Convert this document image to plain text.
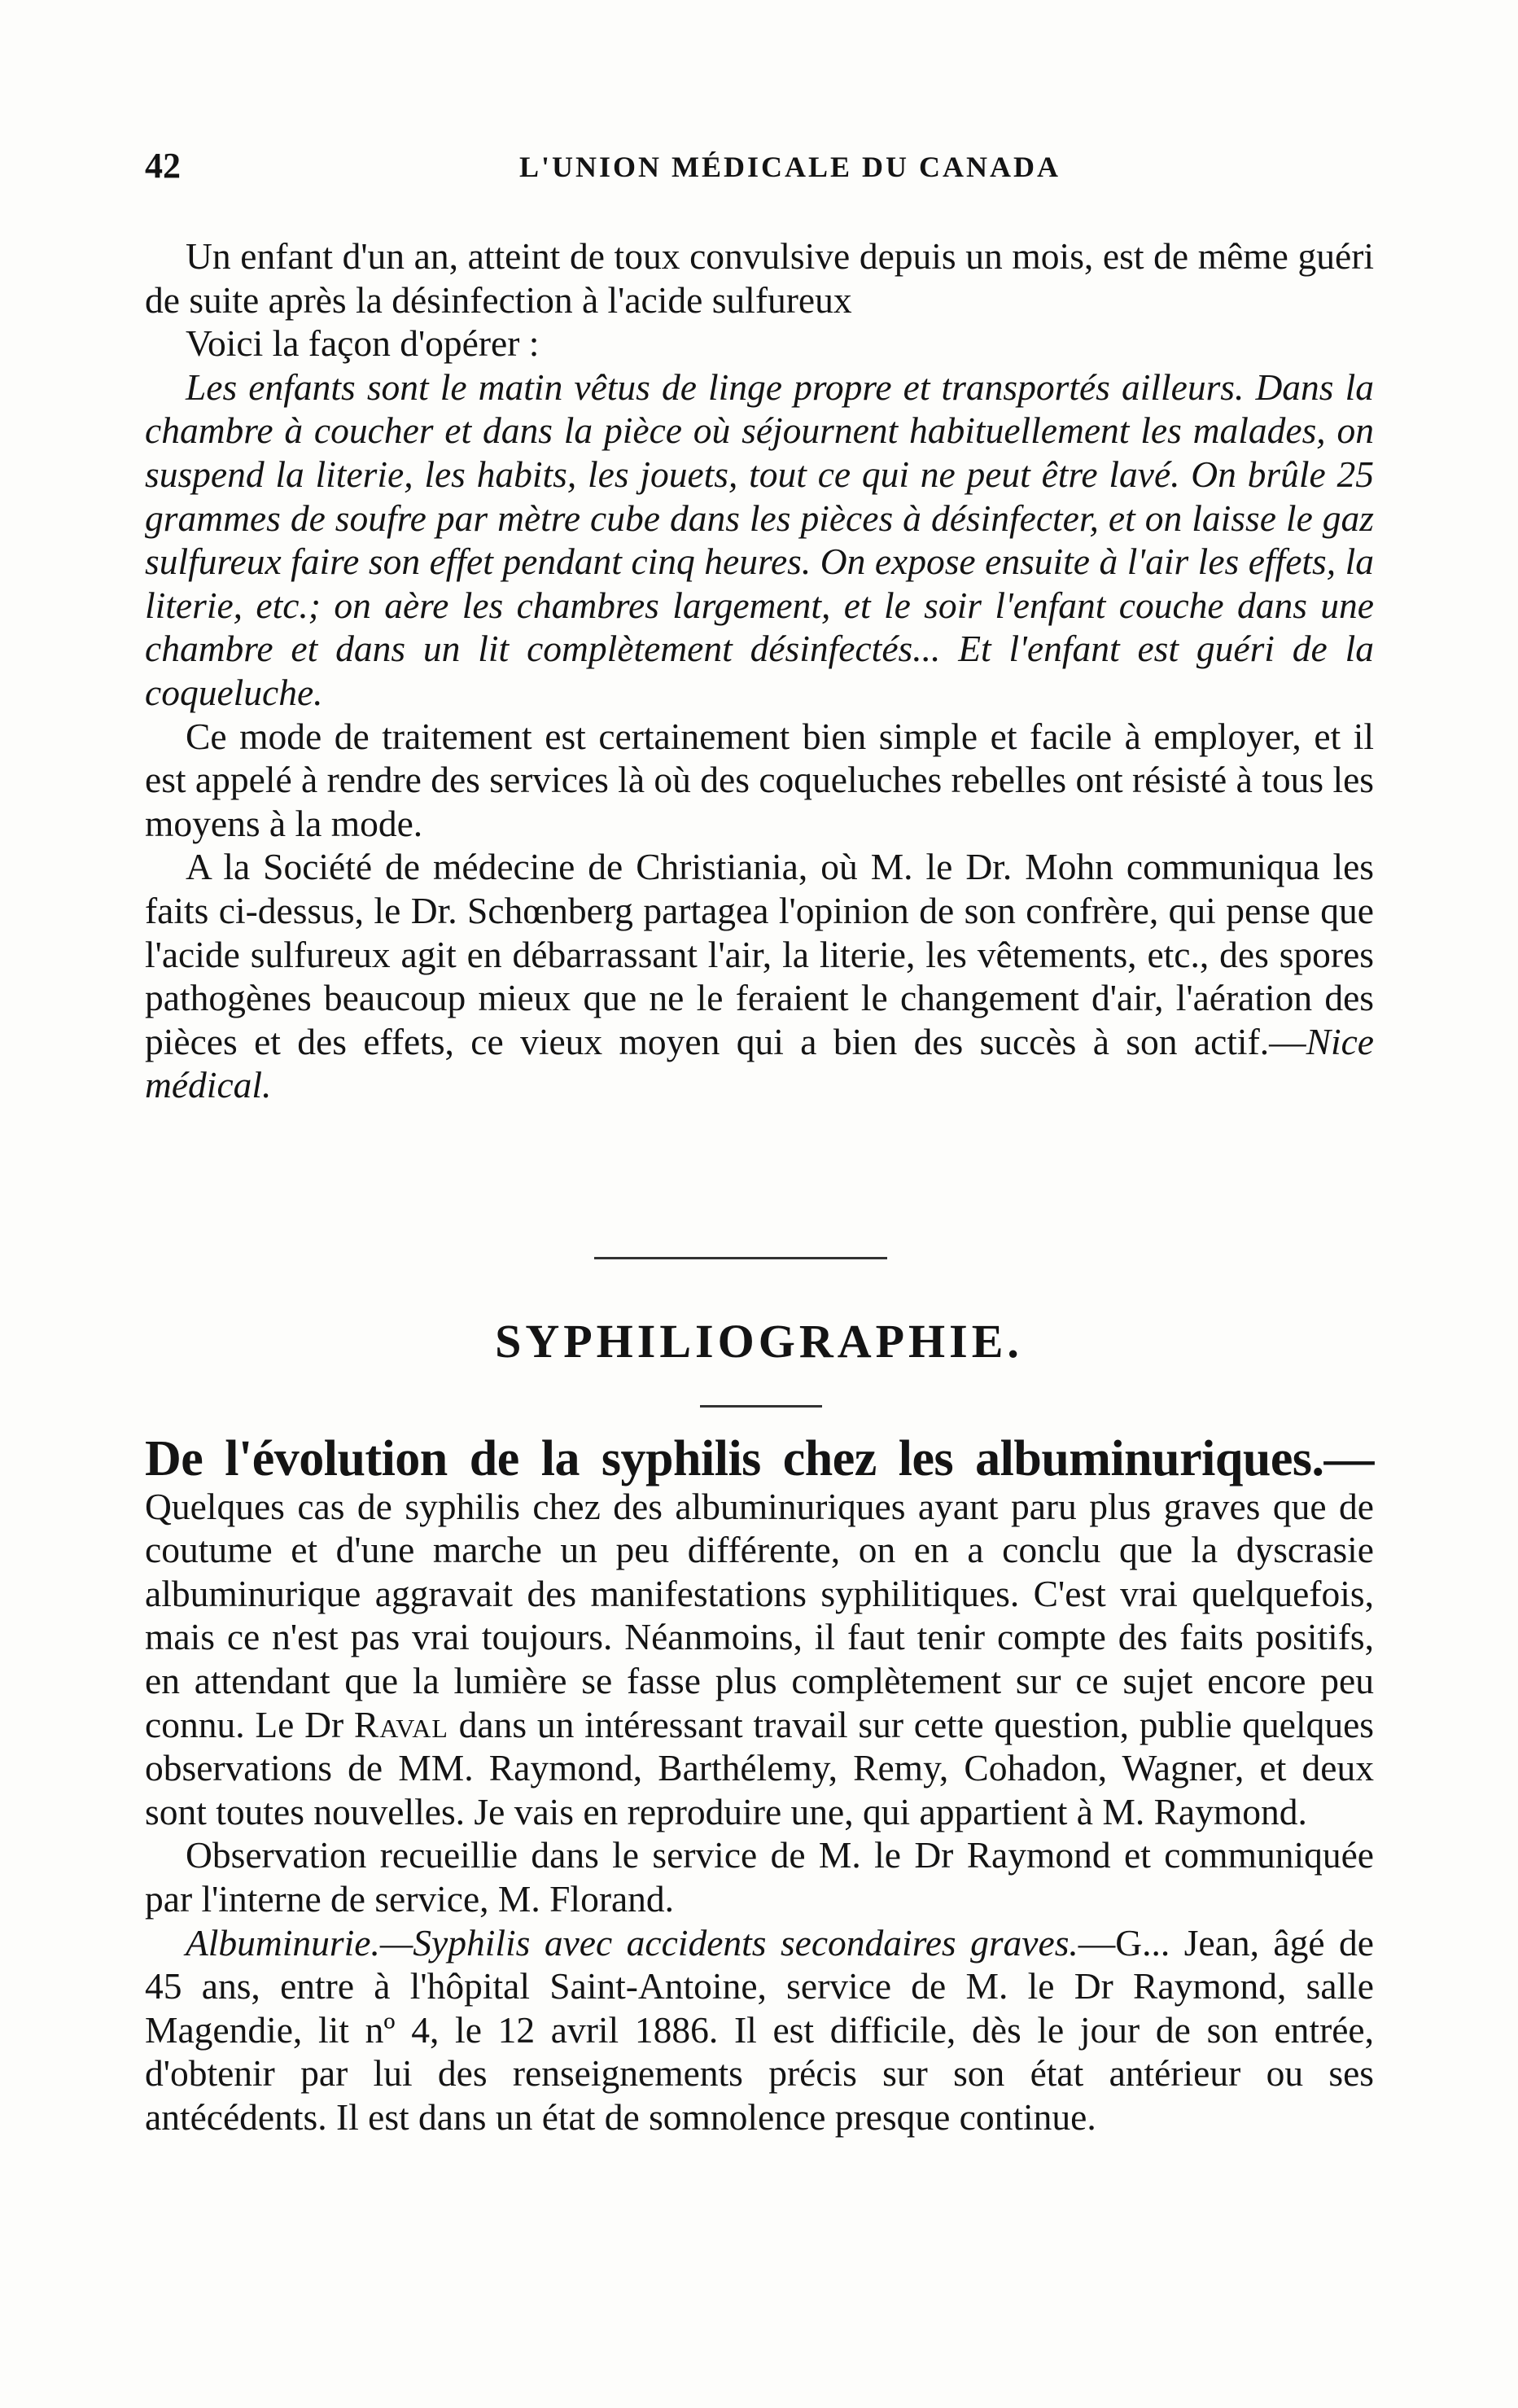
42	L'UNION MÉDICALE DU CANADA

Un enfant d'un an, atteint de toux convulsive depuis un mois, est de même guéri de suite après la désinfection à l'acide sulfureux

Voici la façon d'opérer :

Les enfants sont le matin vêtus de linge propre et transportés ailleurs. Dans la chambre à coucher et dans la pièce où séjournent habituellement les malades, on suspend la literie, les habits, les jouets, tout ce qui ne peut être lavé. On brûle 25 grammes de soufre par mètre cube dans les pièces à désinfecter, et on laisse le gaz sulfureux faire son effet pendant cinq heures. On expose ensuite à l'air les effets, la literie, etc.; on aère les chambres largement, et le soir l'enfant couche dans une chambre et dans un lit complètement désinfectés... Et l'enfant est guéri de la coqueluche.

Ce mode de traitement est certainement bien simple et facile à employer, et il est appelé à rendre des services là où des coqueluches rebelles ont résisté à tous les moyens à la mode.

A la Société de médecine de Christiania, où M. le Dr. Mohn communiqua les faits ci-dessus, le Dr. Schœnberg partagea l'opinion de son confrère, qui pense que l'acide sulfureux agit en débarrassant l'air, la literie, les vêtements, etc., des spores pathogènes beaucoup mieux que ne le feraient le changement d'air, l'aération des pièces et des effets, ce vieux moyen qui a bien des succès à son actif.—Nice médical.

SYPHILIOGRAPHIE.

De l'évolution de la syphilis chez les albuminuriques.— Quelques cas de syphilis chez des albuminuriques ayant paru plus graves que de coutume et d'une marche un peu différente, on en a conclu que la dyscrasie albuminurique aggravait des manifestations syphilitiques. C'est vrai quelquefois, mais ce n'est pas vrai toujours. Néanmoins, il faut tenir compte des faits positifs, en attendant que la lumière se fasse plus complètement sur ce sujet encore peu connu. Le Dr Raval dans un intéressant travail sur cette question, publie quelques observations de MM. Raymond, Barthélemy, Remy, Cohadon, Wagner, et deux sont toutes nouvelles. Je vais en reproduire une, qui appartient à M. Raymond.

Observation recueillie dans le service de M. le Dr Raymond et communiquée par l'interne de service, M. Florand.

Albuminurie.—Syphilis avec accidents secondaires graves.—G... Jean, âgé de 45 ans, entre à l'hôpital Saint-Antoine, service de M. le Dr Raymond, salle Magendie, lit nº 4, le 12 avril 1886. Il est difficile, dès le jour de son entrée, d'obtenir par lui des renseignements précis sur son état antérieur ou ses antécédents. Il est dans un état de somnolence presque continue.
